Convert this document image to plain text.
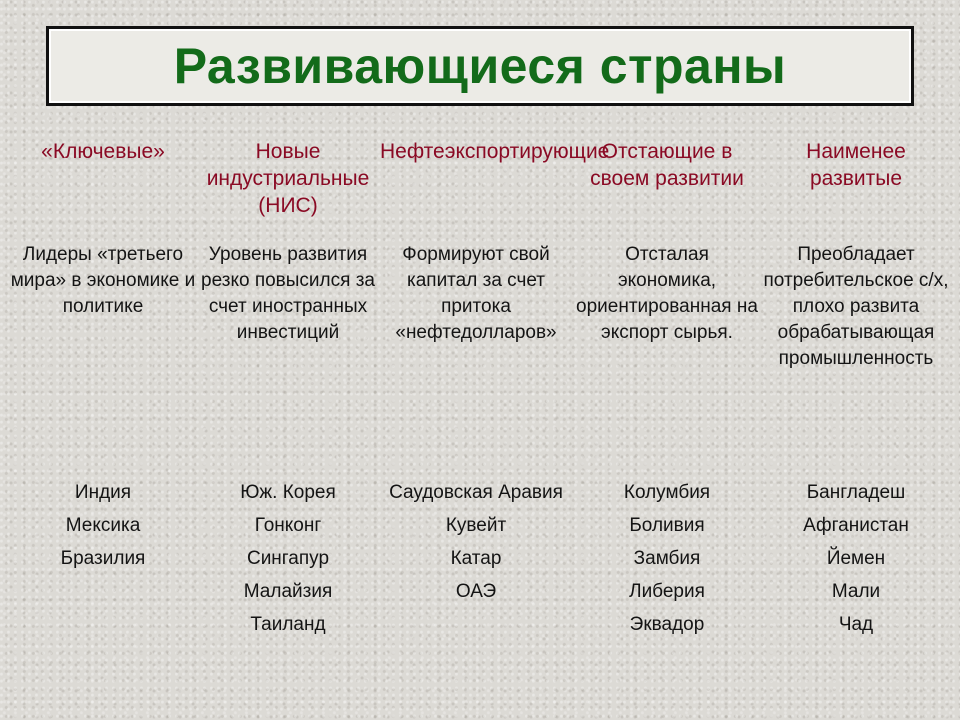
Развивающиеся страны
«Ключевые»	Новые индустриальные (НИС)
Нефтеэкспортирующие
Отстающие в своем развитии
Наименее развитые
Лидеры «третьего мира» в экономике и политике
Уровень развития резко повысился за счет иностранных инвестиций
Формируют свой капитал за счет притока «нефтедолларов»
Отсталая экономика, ориентированная на экспорт сырья.
Преобладает потребительское с/х, плохо развита обрабатывающая промышленность
Индия
Мексика
Бразилия
Юж. Корея
Гонконг
Сингапур
Малайзия
Таиланд
Саудовская Аравия
Кувейт
Катар
ОАЭ
Колумбия
Боливия
Замбия
Либерия
Эквадор
Бангладеш
Афганистан
Йемен
Мали
Чад
